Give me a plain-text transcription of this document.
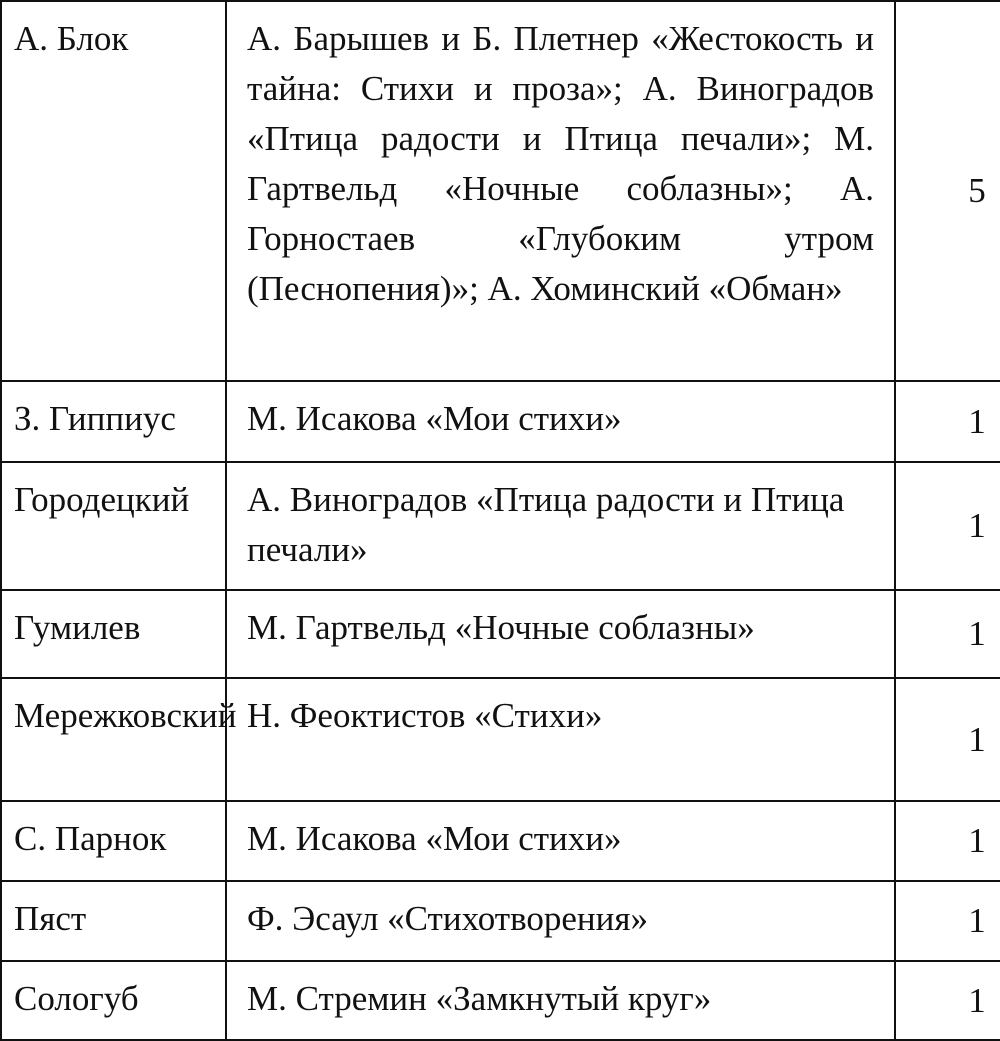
А. Блок	А. Барышев и Б. Плетнер «Жестокость и тайна: Стихи и проза»; А. Виноградов «Птица радости и Птица печали»; М. Гартвельд «Ночные соблазны»; А. Горностаев «Глубоким утром (Песнопения)»; А. Хоминский «Обман»	5

З. Гиппиус	М. Исакова «Мои стихи»	1

Городецкий	А. Виноградов «Птица радости и Птица печали»	1

Гумилев	М. Гартвельд «Ночные соблазны»	1

Мережковский	Н. Феоктистов «Стихи»	1

С. Парнок	М. Исакова «Мои стихи»	1

Пяст	Ф. Эсаул «Стихотворения»	1

Сологуб	М. Стремин «Замкнутый круг»	1
